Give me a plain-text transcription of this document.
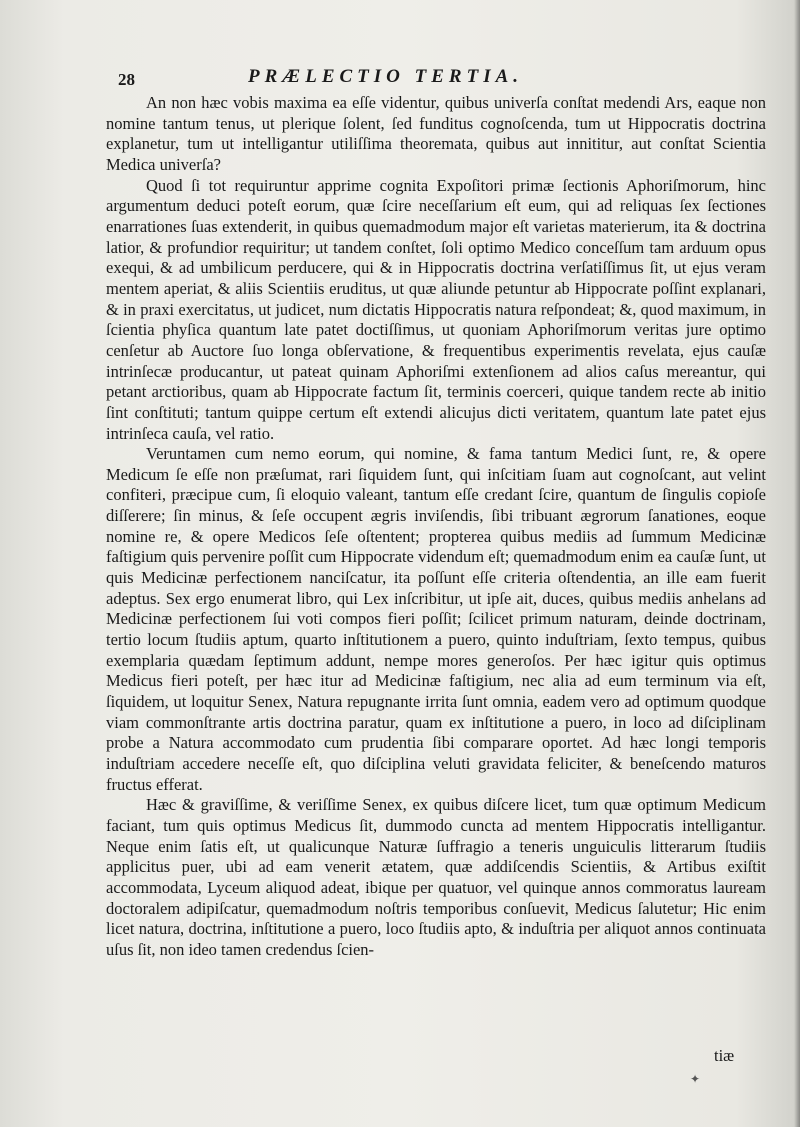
28	PRÆLECTIO TERTIA.

An non hæc vobis maxima ea eſſe videntur, quibus univerſa conſtat medendi Ars, eaque non nomine tantum tenus, ut plerique ſolent, ſed funditus cognoſcenda, tum ut Hippocratis doctrina explanetur, tum ut intelligantur utiliſſima theoremata, quibus aut innititur, aut conſtat Scientia Medica univerſa?

Quod ſi tot requiruntur apprime cognita Expoſitori primæ ſectionis Aphoriſmorum, hinc argumentum deduci poteſt eorum, quæ ſcire neceſſarium eſt eum, qui ad reliquas ſex ſectiones enarrationes ſuas extenderit, in quibus quemadmodum major eſt varietas materierum, ita & doctrina latior, & profundior requiritur; ut tandem conſtet, ſoli optimo Medico conceſſum tam arduum opus exequi, & ad umbilicum perducere, qui & in Hippocratis doctrina verſatiſſimus ſit, ut ejus veram mentem aperiat, & aliis Scientiis eruditus, ut quæ aliunde petuntur ab Hippocrate poſſint explanari, & in praxi exercitatus, ut judicet, num dictatis Hippocratis natura reſpondeat; &, quod maximum, in ſcientia phyſica quantum late patet doctiſſimus, ut quoniam Aphoriſmorum veritas jure optimo cenſetur ab Auctore ſuo longa obſervatione, & frequentibus experimentis revelata, ejus cauſæ intrinſecæ producantur, ut pateat quinam Aphoriſmi extenſionem ad alios caſus mereantur, qui petant arctioribus, quam ab Hippocrate factum ſit, terminis coerceri, quique tandem recte ab initio ſint conſtituti; tantum quippe certum eſt extendi alicujus dicti veritatem, quantum late patet ejus intrinſeca cauſa, vel ratio.

Veruntamen cum nemo eorum, qui nomine, & fama tantum Medici ſunt, re, & opere Medicum ſe eſſe non præſumat, rari ſiquidem ſunt, qui inſcitiam ſuam aut cognoſcant, aut velint confiteri, præcipue cum, ſi eloquio valeant, tantum eſſe credant ſcire, quantum de ſingulis copioſe diſſerere; ſin minus, & ſeſe occupent ægris inviſendis, ſibi tribuant ægrorum ſanationes, eoque nomine re, & opere Medicos ſeſe oſtentent; propterea quibus mediis ad ſummum Medicinæ faſtigium quis pervenire poſſit cum Hippocrate videndum eſt; quemadmodum enim ea cauſæ ſunt, ut quis Medicinæ perfectionem nanciſcatur, ita poſſunt eſſe criteria oſtendentia, an ille eam fuerit adeptus. Sex ergo enumerat libro, qui Lex inſcribitur, ut ipſe ait, duces, quibus mediis anhelans ad Medicinæ perfectionem ſui voti compos fieri poſſit; ſcilicet primum naturam, deinde doctrinam, tertio locum ſtudiis aptum, quarto inſtitutionem a puero, quinto induſtriam, ſexto tempus, quibus exemplaria quædam ſeptimum addunt, nempe mores generoſos. Per hæc igitur quis optimus Medicus fieri poteſt, per hæc itur ad Medicinæ faſtigium, nec alia ad eum terminum via eſt, ſiquidem, ut loquitur Senex, Natura repugnante irrita ſunt omnia, eadem vero ad optimum quodque viam commonſtrante artis doctrina paratur, quam ex inſtitutione a puero, in loco ad diſciplinam probe a Natura accommodato cum prudentia ſibi comparare oportet. Ad hæc longi temporis induſtriam accedere neceſſe eſt, quo diſciplina veluti gravidata feliciter, & beneſcendo maturos fructus efferat.

Hæc & graviſſime, & veriſſime Senex, ex quibus diſcere licet, tum quæ optimum Medicum faciant, tum quis optimus Medicus ſit, dummodo cuncta ad mentem Hippocratis intelligantur. Neque enim ſatis eſt, ut qualicunque Naturæ ſuffragio a teneris unguiculis litterarum ſtudiis applicitus puer, ubi ad eam venerit ætatem, quæ addiſcendis Scientiis, & Artibus exiſtit accommodata, Lyceum aliquod adeat, ibique per quatuor, vel quinque annos commoratus lauream doctoralem adipiſcatur, quemadmodum noſtris temporibus conſuevit, Medicus ſalutetur; Hic enim licet natura, doctrina, inſtitutione a puero, loco ſtudiis apto, & induſtria per aliquot annos continuata uſus ſit, non ideo tamen credendus ſcien-

tiæ
✦
